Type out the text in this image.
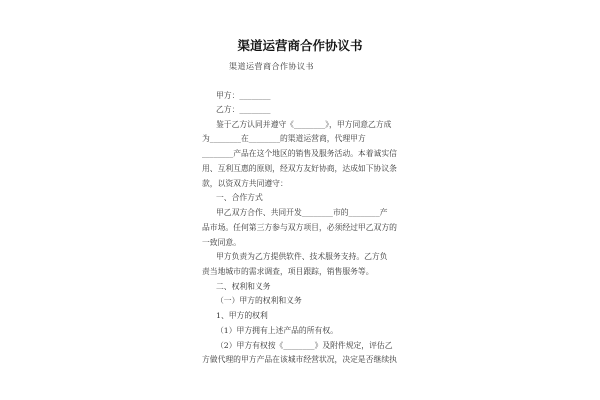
渠道运营商合作协议书
渠道运营商合作协议书
甲方：________
乙方：________
鉴于乙方认同并遵守《________》，甲方同意乙方成
为________在________的渠道运营商，代理甲方
________产品在这个地区的销售及服务活动。本着诚实信
用、互利互惠的原则，经双方友好协商，达成如下协议条
款，以资双方共同遵守：
一、合作方式
甲乙双方合作、共同开发________市的________产
品市场。任何第三方参与双方项目，必须经过甲乙双方的
一致同意。
甲方负责为乙方提供软件、技术服务支持。乙方负
责当地城市的需求调查，项目跟踪，销售服务等。
二、权利和义务
（一）甲方的权利和义务
1、甲方的权利
（1）甲方拥有上述产品的所有权。
（2）甲方有权按《________》及附件规定，评估乙
方做代理的甲方产品在该城市经营状况，决定是否继续执
